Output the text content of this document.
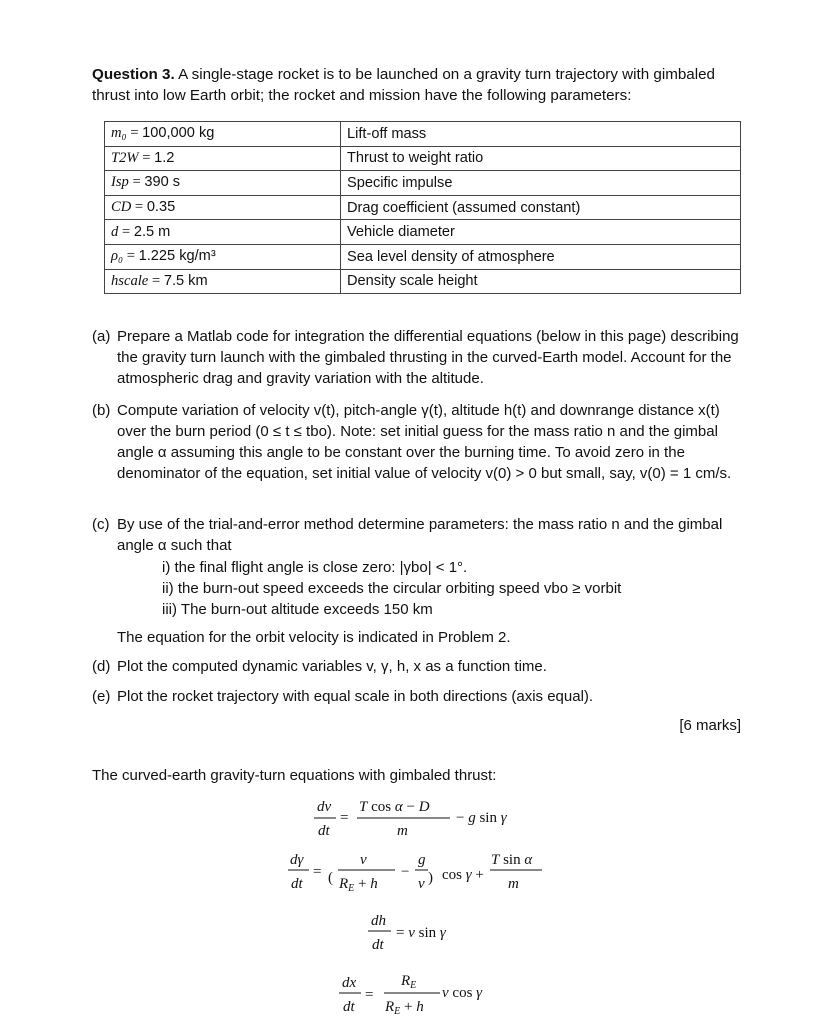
Question 3. A single-stage rocket is to be launched on a gravity turn trajectory with gimbaled thrust into low Earth orbit; the rocket and mission have the following parameters:
m₀ = 100,000 kg	Lift-off mass
T2W = 1.2	Thrust to weight ratio
Isp = 390 s	Specific impulse
CD = 0.35	Drag coefficient (assumed constant)
d = 2.5 m	Vehicle diameter
ρ₀ = 1.225 kg/m³	Sea level density of atmosphere
hscale = 7.5 km	Density scale height
(a) Prepare a Matlab code for integration the differential equations (below in this page) describing the gravity turn launch with the gimbaled thrusting in the curved-Earth model. Account for the atmospheric drag and gravity variation with the altitude.
(b) Compute variation of velocity v(t), pitch-angle γ(t), altitude h(t) and downrange distance x(t) over the burn period (0 ≤ t ≤ tbo). Note: set initial guess for the mass ratio n and the gimbal angle α assuming this angle to be constant over the burning time. To avoid zero in the denominator of the equation, set initial value of velocity v(0) > 0 but small, say, v(0) = 1 cm/s.
(c) By use of the trial-and-error method determine parameters: the mass ratio n and the gimbal angle α such that
i) the final flight angle is close zero: |γbo| < 1°.
ii) the burn-out speed exceeds the circular orbiting speed vbo ≥ vorbit
iii) The burn-out altitude exceeds 150 km
The equation for the orbit velocity is indicated in Problem 2.
(d) Plot the computed dynamic variables v, γ, h, x as a function time.
(e) Plot the rocket trajectory with equal scale in both directions (axis equal).
[6 marks]
The curved-earth gravity-turn equations with gimbaled thrust:
dv
dt
=
T cos α − D
m
− g sin γ
dγ
dt
= (
v
$R_E + h$
−
g
v ) cos γ +
T sin α
m
dh
dt
= v sin γ
dx
dt
=
$R_E$
$R_E + h$
v cos γ
